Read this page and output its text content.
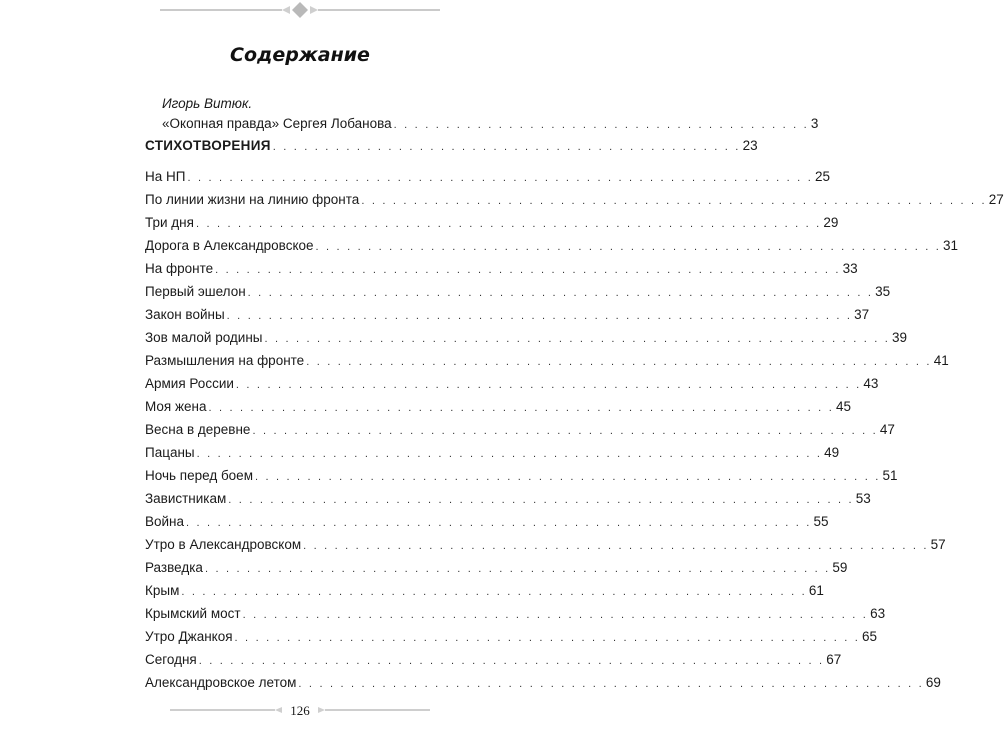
Содержание
Игорь Витюк.
«Окопная правда» Сергея Лобанова . . . . . . . . . . . . . . . . . . . . . . . . . . . . . . . . . . . . . . . . 3
СТИХОТВОРЕНИЯ . . . . . . . . . . . . . . . . . . . . . . . . . . . . . . . . . . . . . . . . . . . . . 23
На НП . . . . . . . . . . . . . . . . . . . . . . . . . . . . . . . . . . . . . . . . . . . . . . . . . . . . . . . . . . . . 25
По линии жизни на линию фронта . . . . . . . . . . . . . . . . . . . . . . . . . . . . . . . . . . . . . . . . . . . . . . . . . . . . . . . . . . . . 27
Три дня . . . . . . . . . . . . . . . . . . . . . . . . . . . . . . . . . . . . . . . . . . . . . . . . . . . . . . . . . . . . 29
Дорога в Александровское . . . . . . . . . . . . . . . . . . . . . . . . . . . . . . . . . . . . . . . . . . . . . . . . . . . . . . . . . . . . 31
На фронте . . . . . . . . . . . . . . . . . . . . . . . . . . . . . . . . . . . . . . . . . . . . . . . . . . . . . . . . . . . . 33
Первый эшелон . . . . . . . . . . . . . . . . . . . . . . . . . . . . . . . . . . . . . . . . . . . . . . . . . . . . . . . . . . . . 35
Закон войны . . . . . . . . . . . . . . . . . . . . . . . . . . . . . . . . . . . . . . . . . . . . . . . . . . . . . . . . . . . . 37
Зов малой родины . . . . . . . . . . . . . . . . . . . . . . . . . . . . . . . . . . . . . . . . . . . . . . . . . . . . . . . . . . . . 39
Размышления на фронте . . . . . . . . . . . . . . . . . . . . . . . . . . . . . . . . . . . . . . . . . . . . . . . . . . . . . . . . . . . . 41
Армия России . . . . . . . . . . . . . . . . . . . . . . . . . . . . . . . . . . . . . . . . . . . . . . . . . . . . . . . . . . . . 43
Моя жена . . . . . . . . . . . . . . . . . . . . . . . . . . . . . . . . . . . . . . . . . . . . . . . . . . . . . . . . . . . . 45
Весна в деревне . . . . . . . . . . . . . . . . . . . . . . . . . . . . . . . . . . . . . . . . . . . . . . . . . . . . . . . . . . . . 47
Пацаны . . . . . . . . . . . . . . . . . . . . . . . . . . . . . . . . . . . . . . . . . . . . . . . . . . . . . . . . . . . . 49
Ночь перед боем . . . . . . . . . . . . . . . . . . . . . . . . . . . . . . . . . . . . . . . . . . . . . . . . . . . . . . . . . . . . 51
Завистникам . . . . . . . . . . . . . . . . . . . . . . . . . . . . . . . . . . . . . . . . . . . . . . . . . . . . . . . . . . . . 53
Война . . . . . . . . . . . . . . . . . . . . . . . . . . . . . . . . . . . . . . . . . . . . . . . . . . . . . . . . . . . . 55
Утро в Александровском . . . . . . . . . . . . . . . . . . . . . . . . . . . . . . . . . . . . . . . . . . . . . . . . . . . . . . . . . . . . 57
Разведка . . . . . . . . . . . . . . . . . . . . . . . . . . . . . . . . . . . . . . . . . . . . . . . . . . . . . . . . . . . . 59
Крым . . . . . . . . . . . . . . . . . . . . . . . . . . . . . . . . . . . . . . . . . . . . . . . . . . . . . . . . . . . . 61
Крымский мост . . . . . . . . . . . . . . . . . . . . . . . . . . . . . . . . . . . . . . . . . . . . . . . . . . . . . . . . . . . . 63
Утро Джанкоя . . . . . . . . . . . . . . . . . . . . . . . . . . . . . . . . . . . . . . . . . . . . . . . . . . . . . . . . . . . . 65
Сегодня . . . . . . . . . . . . . . . . . . . . . . . . . . . . . . . . . . . . . . . . . . . . . . . . . . . . . . . . . . . . 67
Александровское летом . . . . . . . . . . . . . . . . . . . . . . . . . . . . . . . . . . . . . . . . . . . . . . . . . . . . . . . . . . . . 69
126
